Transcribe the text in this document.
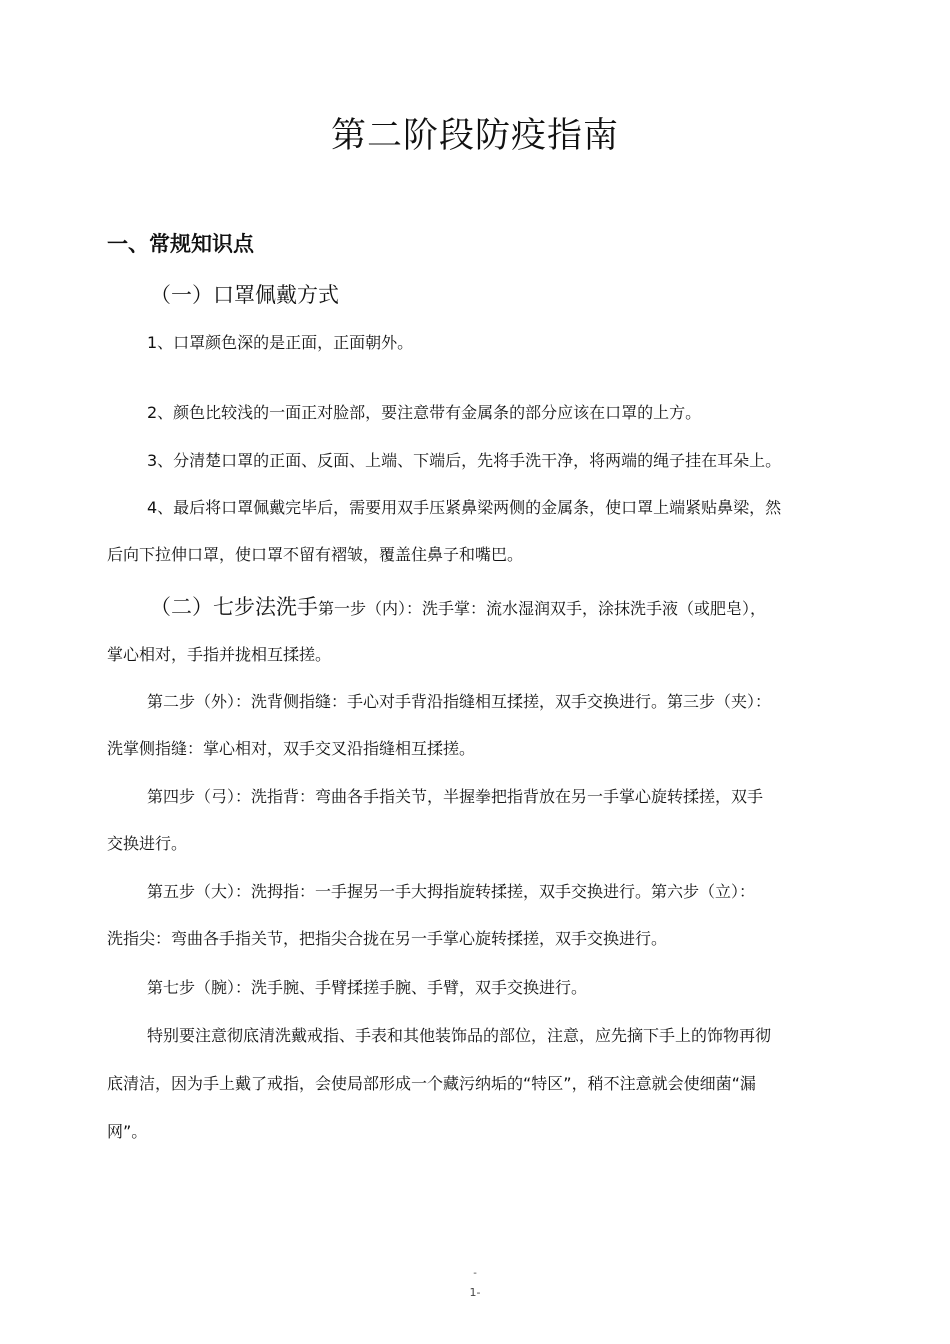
第二阶段防疫指南
一、常规知识点
（一）口罩佩戴方式
1、口罩颜色深的是正面，正面朝外。
2、颜色比较浅的一面正对脸部，要注意带有金属条的部分应该在口罩的上方。
3、分清楚口罩的正面、反面、上端、下端后，先将手洗干净，将两端的绳子挂在耳朵上。
4、最后将口罩佩戴完毕后，需要用双手压紧鼻梁两侧的金属条，使口罩上端紧贴鼻梁，然
后向下拉伸口罩，使口罩不留有褶皱，覆盖住鼻子和嘴巴。
（二）七步法洗手第一步（内）：洗手掌：流水湿润双手，涂抹洗手液（或肥皂），
掌心相对，手指并拢相互揉搓。
第二步（外）：洗背侧指缝：手心对手背沿指缝相互揉搓，双手交换进行。第三步（夹）：
洗掌侧指缝：掌心相对，双手交叉沿指缝相互揉搓。
第四步（弓）：洗指背：弯曲各手指关节，半握拳把指背放在另一手掌心旋转揉搓，双手
交换进行。
第五步（大）：洗拇指：一手握另一手大拇指旋转揉搓，双手交换进行。第六步（立）：
洗指尖：弯曲各手指关节，把指尖合拢在另一手掌心旋转揉搓，双手交换进行。
第七步（腕）：洗手腕、手臂揉搓手腕、手臂，双手交换进行。
特别要注意彻底清洗戴戒指、手表和其他装饰品的部位，注意，应先摘下手上的饰物再彻
底清洁，因为手上戴了戒指，会使局部形成一个藏污纳垢的“特区”，稍不注意就会使细菌“漏
网”。
-
1-
